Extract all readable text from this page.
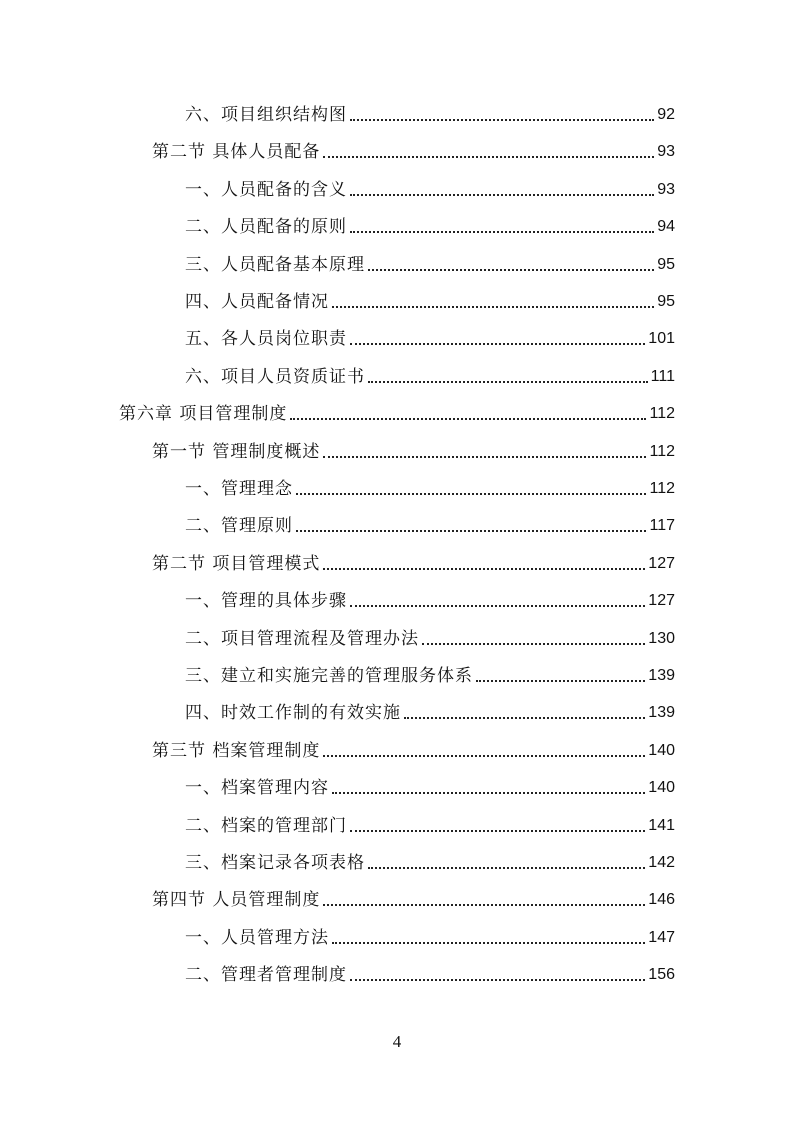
六、项目组织结构图	92
第二节 具体人员配备	93
一、人员配备的含义	93
二、人员配备的原则	94
三、人员配备基本原理	95
四、人员配备情况	95
五、各人员岗位职责	101
六、项目人员资质证书	111
第六章 项目管理制度	112
第一节 管理制度概述	112
一、管理理念	112
二、管理原则	117
第二节 项目管理模式	127
一、管理的具体步骤	127
二、项目管理流程及管理办法	130
三、建立和实施完善的管理服务体系	139
四、时效工作制的有效实施	139
第三节 档案管理制度	140
一、档案管理内容	140
二、档案的管理部门	141
三、档案记录各项表格	142
第四节 人员管理制度	146
一、人员管理方法	147
二、管理者管理制度	156
4
